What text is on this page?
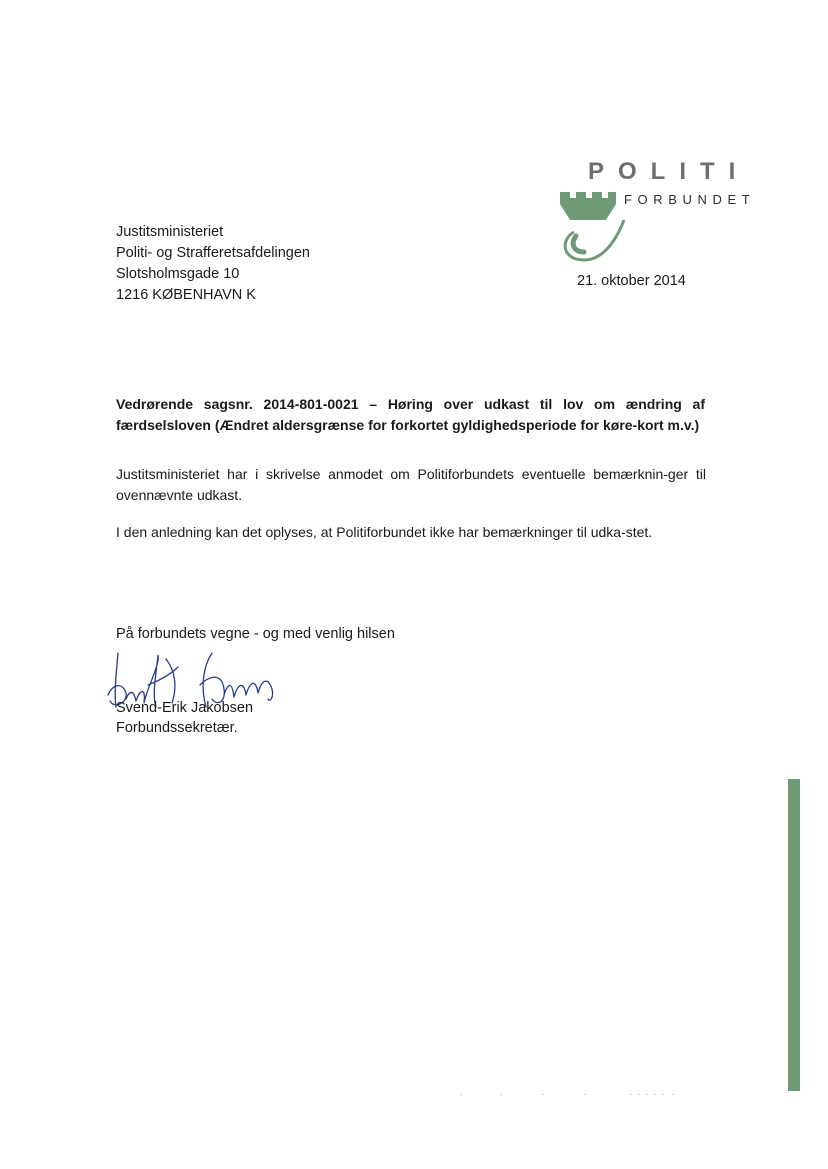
POLITI
FORBUNDET
Justitsministeriet
Politi- og Strafferetsafdelingen
Slotsholmsgade 10
1216 KØBENHAVN K
21. oktober 2014
Vedrørende sagsnr. 2014-801-0021 – Høring over udkast til lov om ændring af færdselsloven (Ændret aldersgrænse for forkortet gyldighedsperiode for køre-kort m.v.)
Justitsministeriet har i skrivelse anmodet om Politiforbundets eventuelle bemærknin-ger til ovennævnte udkast.
I den anledning kan det oplyses, at Politiforbundet ikke har bemærkninger til udka-stet.
På forbundets vegne - og med venlig hilsen
Svend-Erik Jakobsen
Forbundssekretær.
